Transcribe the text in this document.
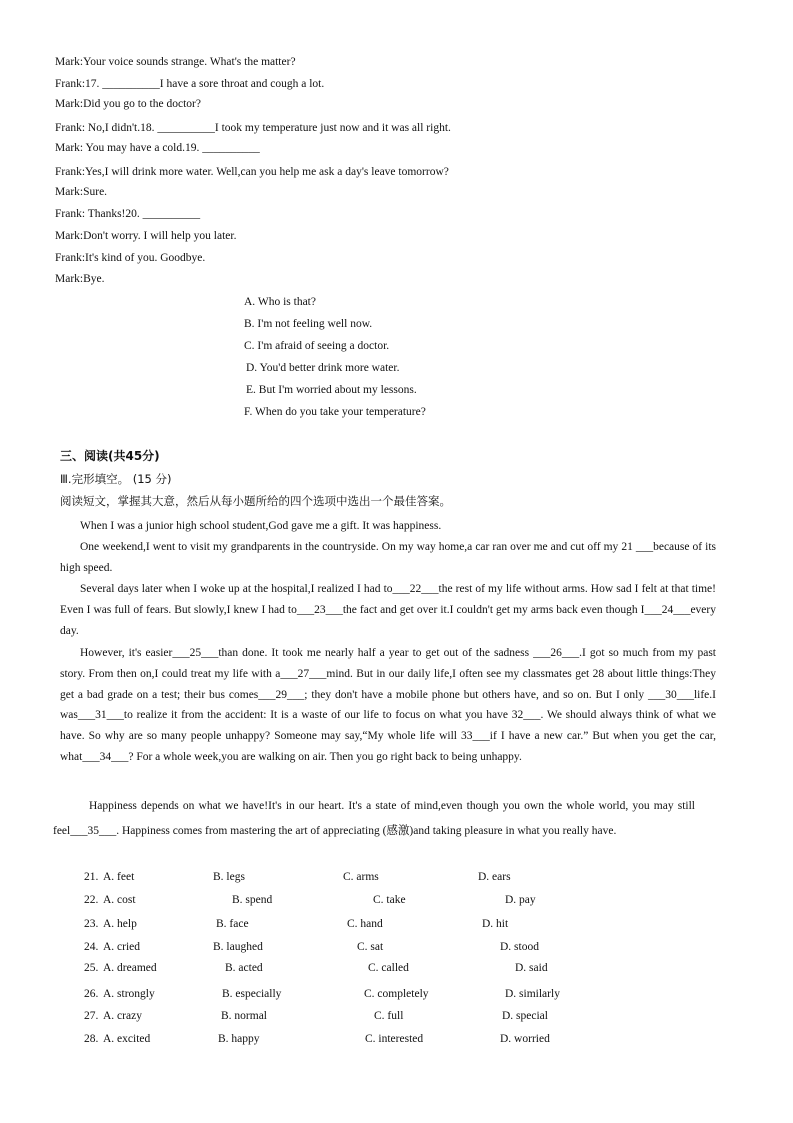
Mark:Your voice sounds strange. What's the matter?
Frank:17. __________I have a sore throat and cough a lot.
Mark:Did you go to the doctor?
Frank: No,I didn't.18. __________I took my temperature just now and it was all right.
Mark: You may have a cold.19. __________
Frank:Yes,I will drink more water. Well,can you help me ask a day's leave tomorrow?
Mark:Sure.
Frank: Thanks!20. __________
Mark:Don't worry. I will help you later.
Frank:It's kind of you. Goodbye.
Mark:Bye.
A. Who is that?
B. I'm not feeling well now.
C. I'm afraid of seeing a doctor.
D. You'd better drink more water.
E. But I'm worried about my lessons.
F. When do you take your temperature?
三、阅读(共45分)
Ⅲ.完形填空。 (15 分)
阅读短文，掌握其大意，然后从每小题所给的四个选项中选出一个最佳答案。

When I was a junior high school student,God gave me a gift. It was happiness.

One weekend,I went to visit my grandparents in the countryside. On my way home,a car ran over me and cut off my 21 ___because of its high speed.

Several days later when I woke up at the hospital,I realized I had to___22___the rest of my life without arms. How sad I felt at that time! Even I was full of fears. But slowly,I knew I had to___23___the fact and get over it.I couldn't get my arms back even though I___24___every day.

However, it's easier___25___than done. It took me nearly half a year to get out of the sadness ___26___.I got so much from my past story. From then on,I could treat my life with a___27___mind. But in our daily life,I often see my classmates get 28 about little things:They get a bad grade on a test; their bus comes___29___; they don't have a mobile phone but others have, and so on. But I only ___30___life.I was___31___to realize it from the accident: It is a waste of our life to focus on what you have 32___. We should always think of what we have. So why are so many people unhappy? Someone may say,“My whole life will 33___if I have a new car.” But when you get the car, what___34___? For a whole week,you are walking on air. Then you go right back to being unhappy.

Happiness depends on what we have!It's in our heart. It's a state of mind,even though you own the whole world, you may still feel___35___. Happiness comes from mastering the art of appreciating (感激)and taking pleasure in what you really have.

21. A. feet	B. legs	C. arms	D. ears
22. A. cost	B. spend	C. take	D. pay
23. A. help	B. face	C. hand	D. hit
24. A. cried	B. laughed	C. sat	D. stood
25. A. dreamed	B. acted	C. called	D. said
26. A. strongly	B. especially	C. completely	D. similarly
27. A. crazy	B. normal	C. full	D. special
28. A. excited	B. happy	C. interested	D. worried
